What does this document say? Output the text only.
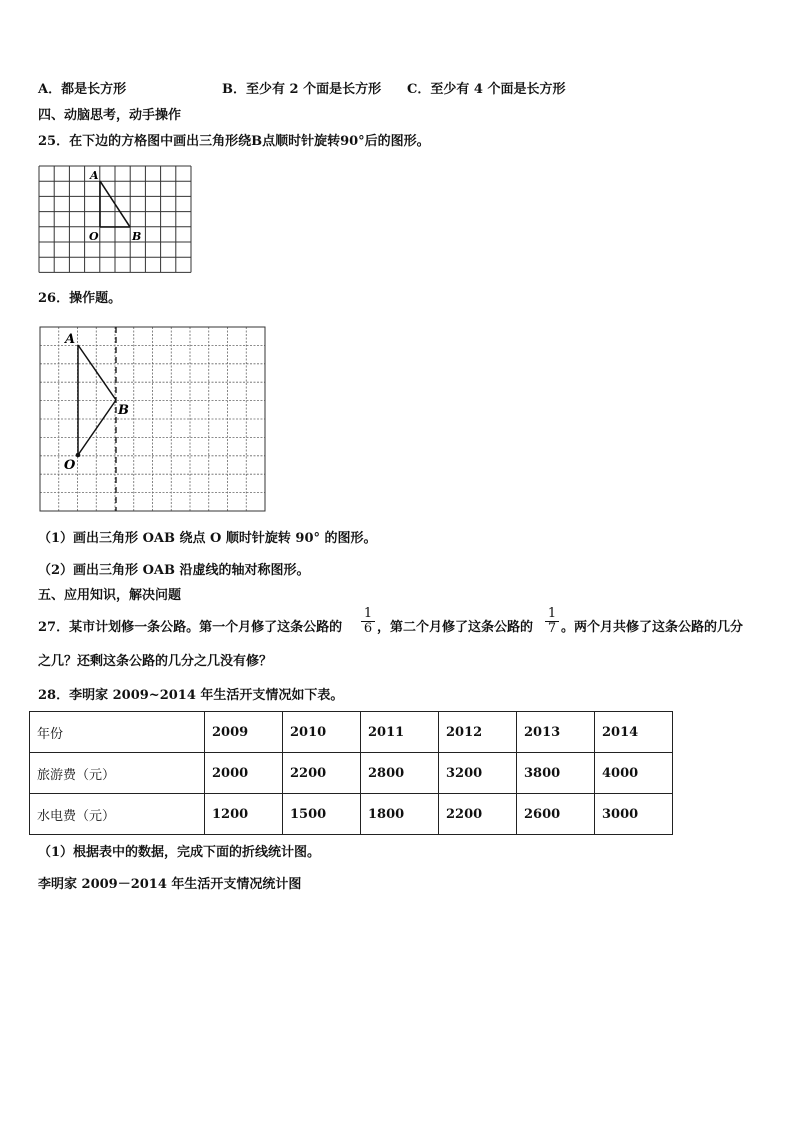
A．都是长方形	B．至少有 2 个面是长方形 C．至少有 4 个面是长方形
四、动脑思考，动手操作
25．在下边的方格图中画出三角形绕B点顺时针旋转90°后的图形。
A
O	B
26．操作题。
A
B
O
（1）画出三角形 OAB 绕点 O 顺时针旋转 90° 的图形。
（2）画出三角形 OAB 沿虚线的轴对称图形。
五、应用知识，解决问题
27．某市计划修一条公路。第一个月修了这条公路的 $\frac{1}{6}$ ，第二个月修了这条公路的 $\frac{1}{7}$ 。两个月共修了这条公路的几分
之几？还剩这条公路的几分之几没有修？
28．李明家 2009~2014 年生活开支情况如下表。
年份	2009	2010	2011	2012	2013	2014
旅游费（元）	2000	2200	2800	3200	3800	4000
水电费（元）	1200	1500	1800	2200	2600	3000
（1）根据表中的数据，完成下面的折线统计图。
李明家 2009－2014 年生活开支情况统计图
